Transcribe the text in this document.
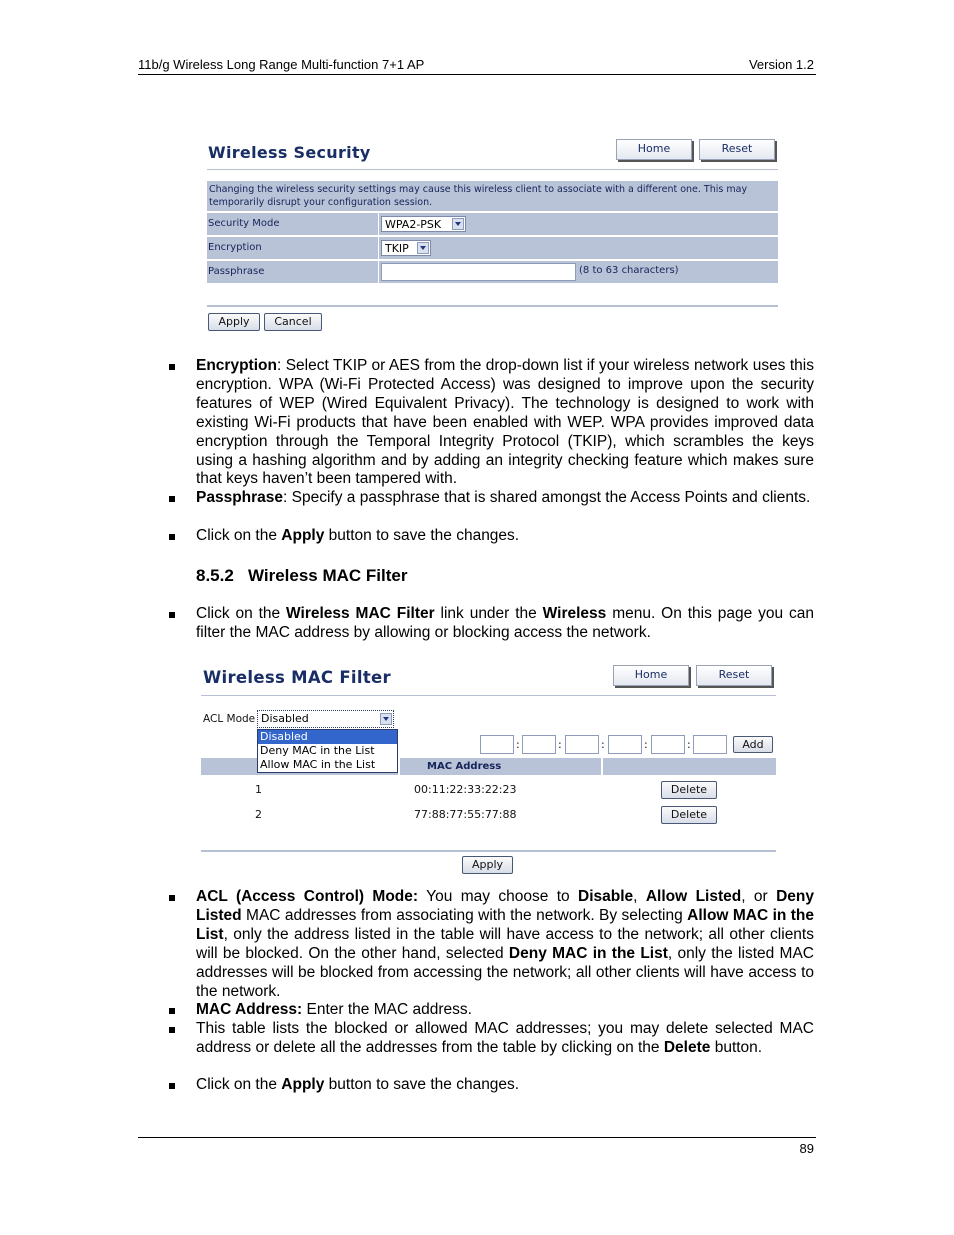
11b/g Wireless Long Range Multi-function 7+1 AP	Version 1.2
Wireless Security	Home	Reset
Changing the wireless security settings may cause this wireless client to associate with a different one. This may temporarily disrupt your configuration session.
Security Mode	WPA2-PSK
Encryption	TKIP
Passphrase	(8 to 63 characters)
Apply	Cancel
Encryption: Select TKIP or AES from the drop-down list if your wireless network uses this encryption. WPA (Wi-Fi Protected Access) was designed to improve upon the security features of WEP (Wired Equivalent Privacy). The technology is designed to work with existing Wi-Fi products that have been enabled with WEP. WPA provides improved data encryption through the Temporal Integrity Protocol (TKIP), which scrambles the keys using a hashing algorithm and by adding an integrity checking feature which makes sure that keys haven’t been tampered with.
Passphrase: Specify a passphrase that is shared amongst the Access Points and clients.
Click on the Apply button to save the changes.
8.5.2 Wireless MAC Filter
Click on the Wireless MAC Filter link under the Wireless menu. On this page you can filter the MAC address by allowing or blocking access the network.
Wireless MAC Filter	Home	Reset
ACL Mode Disabled
:	:	:	:	:	Add
MAC Address
Disabled
Deny MAC in the List
Allow MAC in the List
1	00:11:22:33:22:23	Delete
2	77:88:77:55:77:88	Delete
Apply
ACL (Access Control) Mode: You may choose to Disable, Allow Listed, or Deny Listed MAC addresses from associating with the network. By selecting Allow MAC in the List, only the address listed in the table will have access to the network; all other clients will be blocked. On the other hand, selected Deny MAC in the List, only the listed MAC addresses will be blocked from accessing the network; all other clients will have access to the network.
MAC Address: Enter the MAC address.
This table lists the blocked or allowed MAC addresses; you may delete selected MAC address or delete all the addresses from the table by clicking on the Delete button.
Click on the Apply button to save the changes.
89
